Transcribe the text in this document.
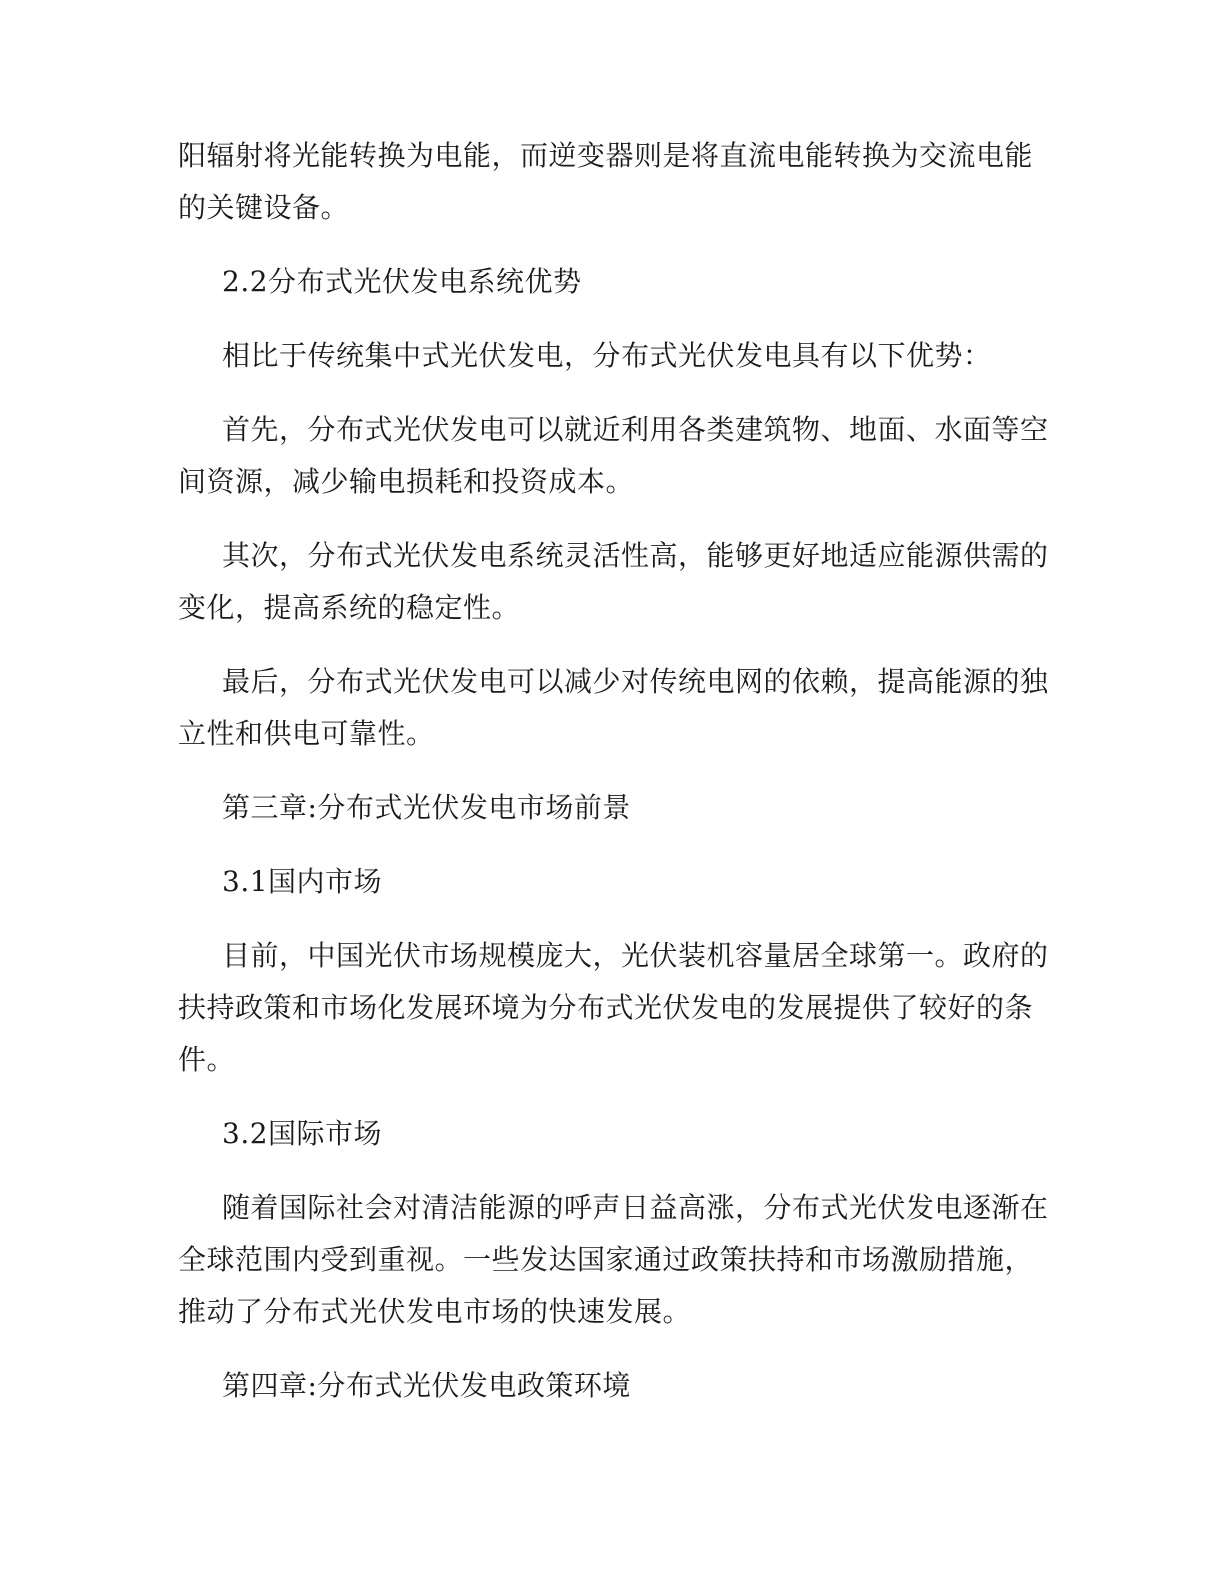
阳辐射将光能转换为电能，而逆变器则是将直流电能转换为交流电能的关键设备。

2.2分布式光伏发电系统优势

相比于传统集中式光伏发电，分布式光伏发电具有以下优势：

首先，分布式光伏发电可以就近利用各类建筑物、地面、水面等空间资源，减少输电损耗和投资成本。

其次，分布式光伏发电系统灵活性高，能够更好地适应能源供需的变化，提高系统的稳定性。

最后，分布式光伏发电可以减少对传统电网的依赖，提高能源的独立性和供电可靠性。

第三章:分布式光伏发电市场前景

3.1国内市场

目前，中国光伏市场规模庞大，光伏装机容量居全球第一。政府的扶持政策和市场化发展环境为分布式光伏发电的发展提供了较好的条件。

3.2国际市场

随着国际社会对清洁能源的呼声日益高涨，分布式光伏发电逐渐在全球范围内受到重视。一些发达国家通过政策扶持和市场激励措施，推动了分布式光伏发电市场的快速发展。

第四章:分布式光伏发电政策环境
